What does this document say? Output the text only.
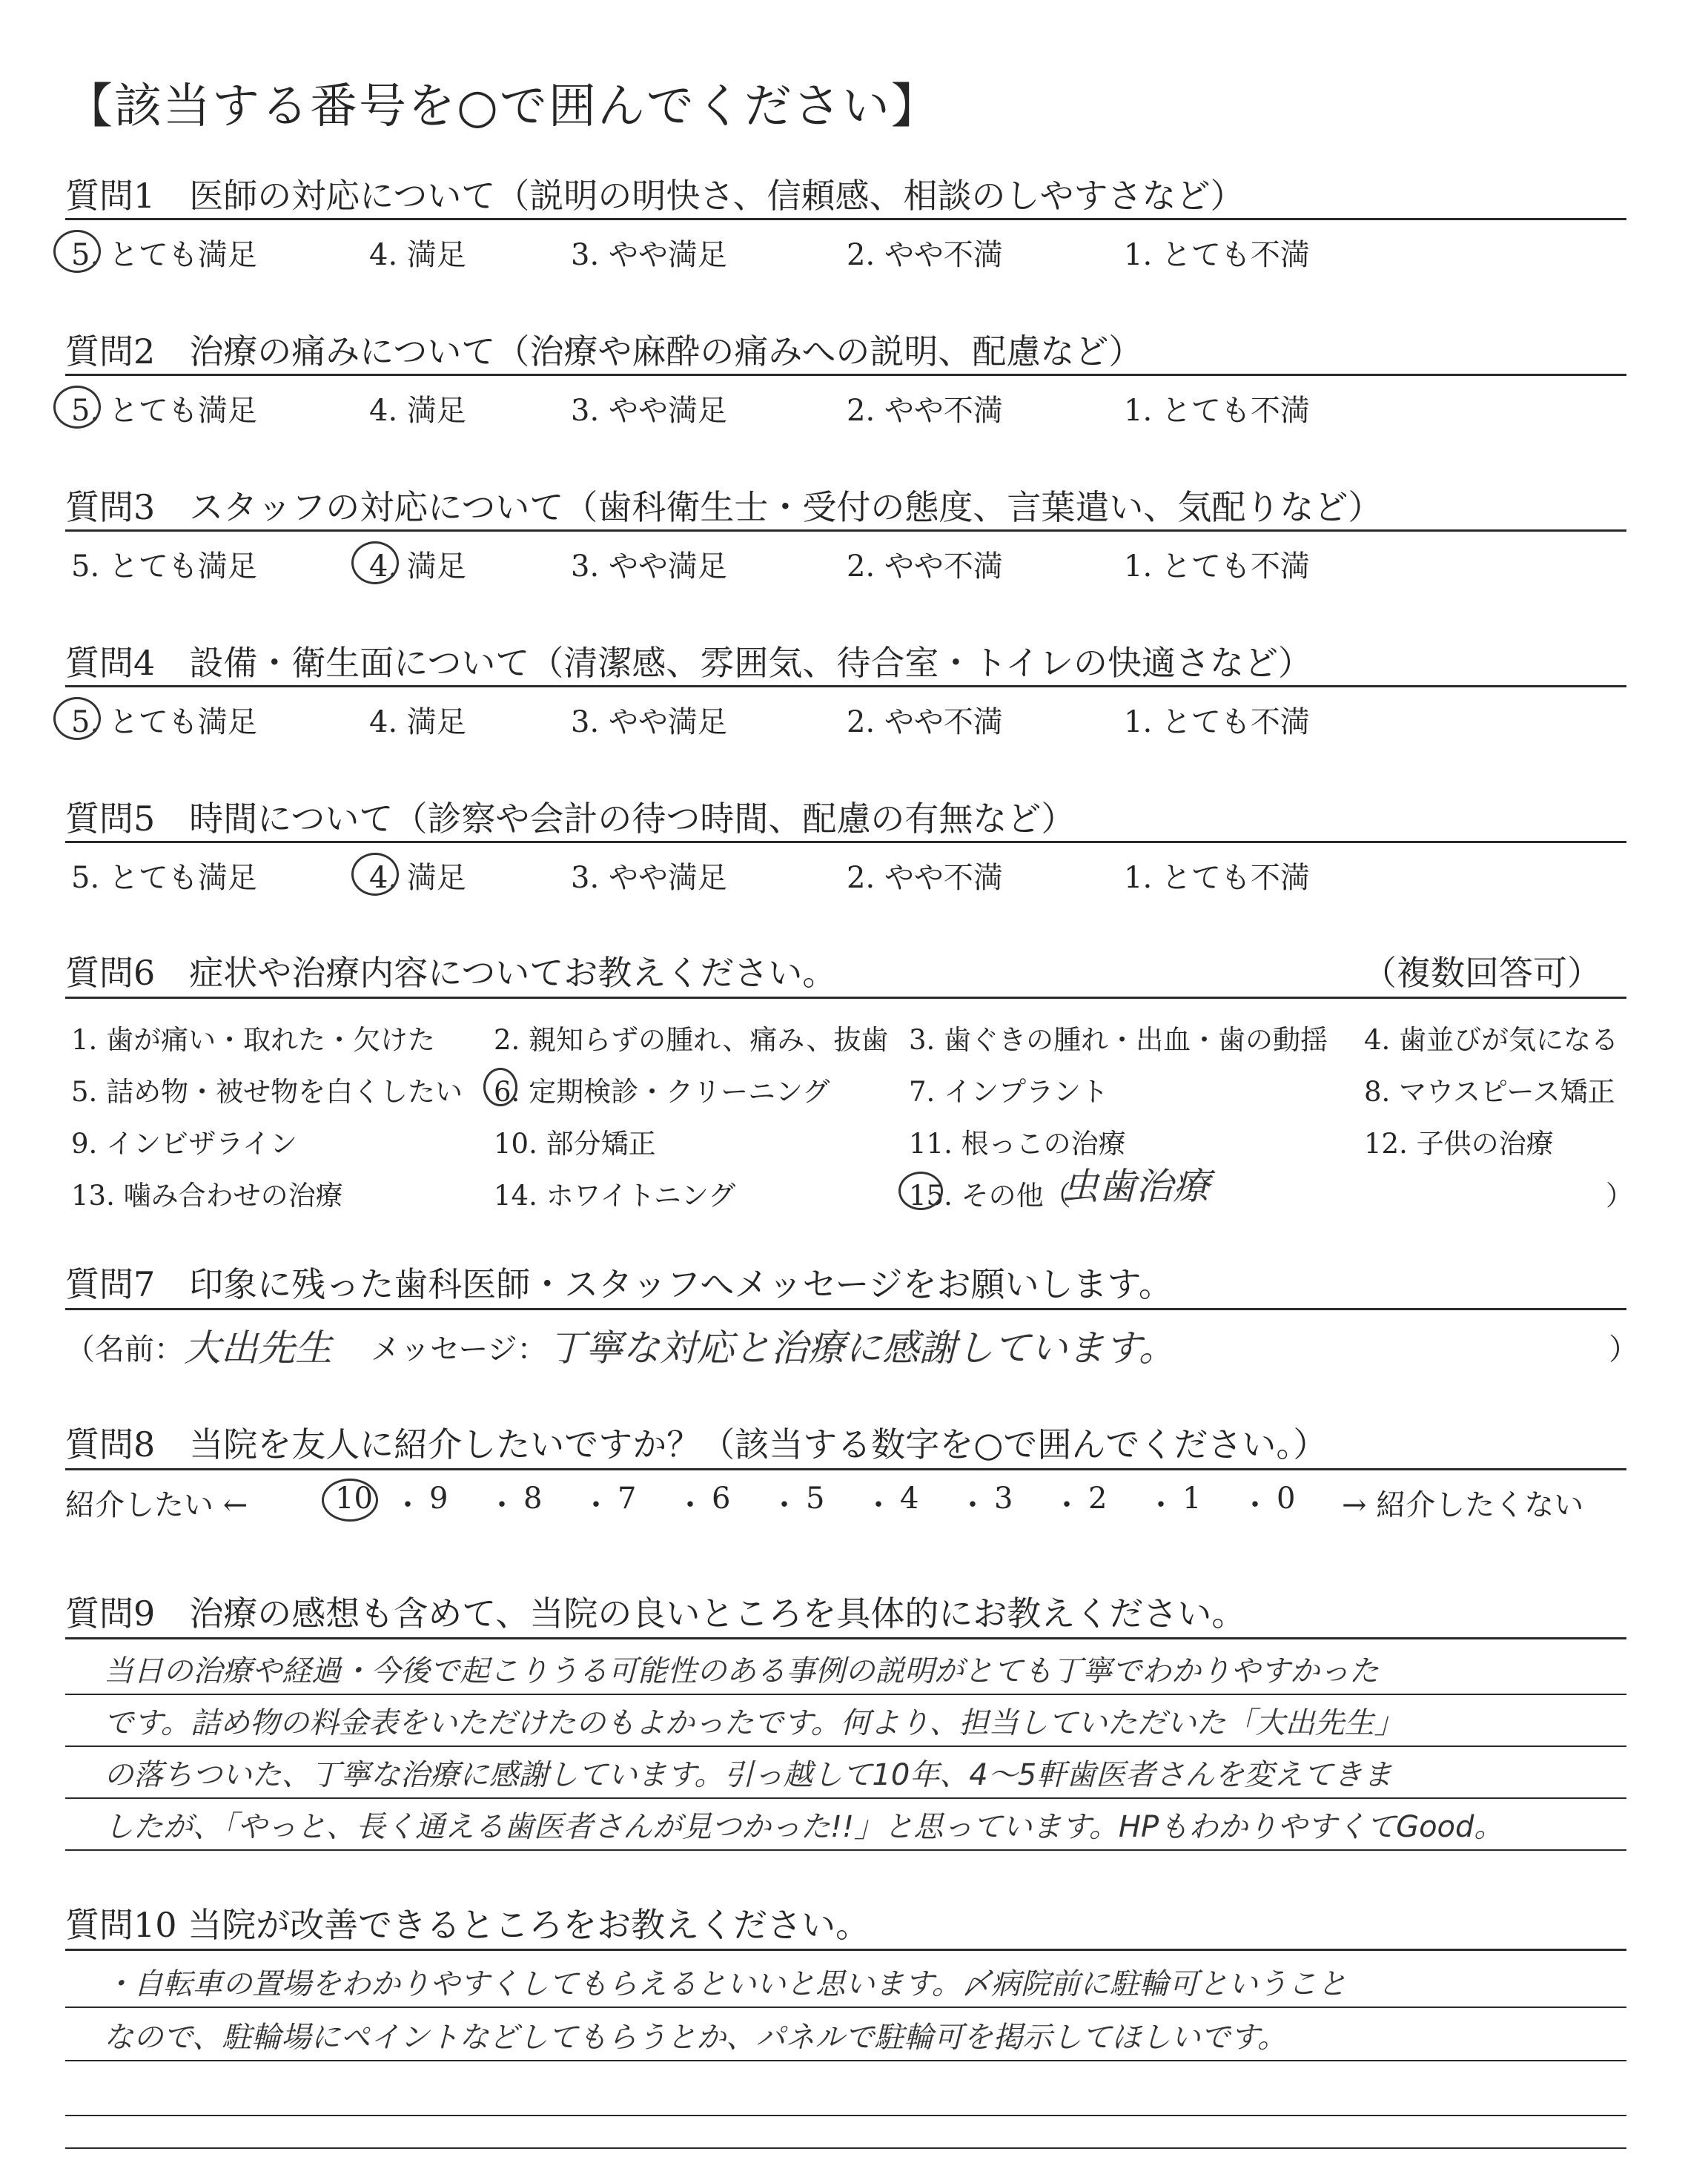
【該当する番号を○で囲んでください】
質問1　医師の対応について（説明の明快さ、信頼感、相談のしやすさなど）
5. とても満足	4. 満足	3. やや満足	2. やや不満	1. とても不満
質問2　治療の痛みについて（治療や麻酔の痛みへの説明、配慮など）
5. とても満足	4. 満足	3. やや満足	2. やや不満	1. とても不満
質問3　スタッフの対応について（歯科衛生士・受付の態度、言葉遣い、気配りなど）
5. とても満足	4. 満足	3. やや満足	2. やや不満	1. とても不満
質問4　設備・衛生面について（清潔感、雰囲気、待合室・トイレの快適さなど）
5. とても満足	4. 満足	3. やや満足	2. やや不満	1. とても不満
質問5　時間について（診察や会計の待つ時間、配慮の有無など）
5. とても満足	4. 満足	3. やや満足	2. やや不満	1. とても不満
質問6　症状や治療内容についてお教えください。	（複数回答可）
1. 歯が痛い・取れた・欠けた 2. 親知らずの腫れ、痛み、抜歯 3. 歯ぐきの腫れ・出血・歯の動揺 4. 歯並びが気になる
5. 詰め物・被せ物を白くしたい 6. 定期検診・クリーニング	7. インプラント	8. マウスピース矯正
9. インビザライン	10. 部分矯正	11. 根っこの治療	12. 子供の治療
13. 噛み合わせの治療	14. ホワイトニング	15. その他（	）
虫歯治療
質問7　印象に残った歯科医師・スタッフへメッセージをお願いします。
（名前： 大出先生 メッセージ： 丁寧な対応と治療に感謝しています。	）
質問8　当院を友人に紹介したいですか？（該当する数字を○で囲んでください。）
紹介したい ←	→ 紹介したくない
10 ・ 9 ・ 8 ・ 7 ・ 6 ・ 5 ・ 4 ・ 3 ・ 2 ・ 1 ・ 0
質問9　治療の感想も含めて、当院の良いところを具体的にお教えください。
当日の治療や経過・今後で起こりうる可能性のある事例の説明がとても丁寧でわかりやすかった
です。詰め物の料金表をいただけたのもよかったです。何より、担当していただいた「大出先生」
の落ちついた、丁寧な治療に感謝しています。引っ越して10年、4～5軒歯医者さんを変えてきま
したが、「やっと、長く通える歯医者さんが見つかった!!」と思っています。HPもわかりやすくてGood。
質問10 当院が改善できるところをお教えください。
・自転車の置場をわかりやすくしてもらえるといいと思います。〆病院前に駐輪可ということ
なので、駐輪場にペイントなどしてもらうとか、パネルで駐輪可を掲示してほしいです。
